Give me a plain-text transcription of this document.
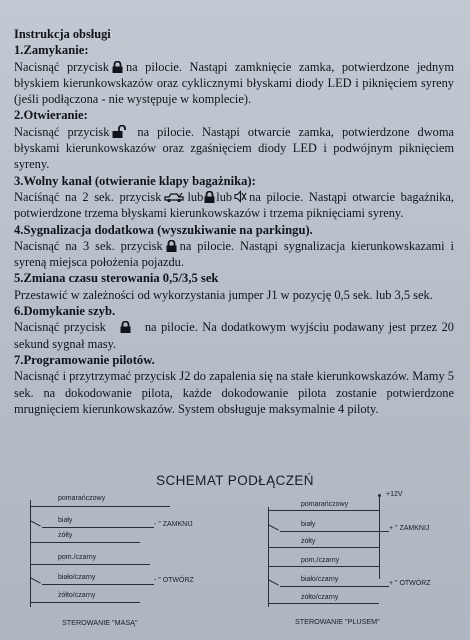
Instrukcja obsługi
1.Zamykanie:

Nacisnąć przycisk na pilocie. Nastąpi zamknięcie zamka, potwierdzone jednym błyskiem kierunkowskazów oraz cyklicznymi błyskami diody LED i piknięciem syreny (jeśli podłączona - nie występuje w komplecie).

2.Otwieranie:

Nacisnąć przycisk na pilocie. Nastąpi otwarcie zamka, potwierdzone dwoma błyskami kierunkowskazów oraz zgaśnięciem diody LED i podwójnym piknięciem syreny.

3.Wolny kanał (otwieranie klapy bagażnika):

Naciśnąć na 2 sek. przycisk lub lub na pilocie. Nastąpi otwarcie bagażnika, potwierdzone trzema błyskami kierunkowskazów i trzema piknięciami syreny.

4.Sygnalizacja dodatkowa (wyszukiwanie na parkingu).

Nacisnąć na 3 sek. przycisk na pilocie. Nastąpi sygnalizacja kierunkowskazami i syreną miejsca położenia pojazdu.

5.Zmiana czasu sterowania 0,5/3,5 sek

Przestawić w zależności od wykorzystania jumper J1 w pozycję 0,5 sek. lub 3,5 sek.

6.Domykanie szyb.

Nacisnąć przycisk	na pilocie. Na dodatkowym wyjściu podawany jest przez 20 sekund sygnał masy.

7.Programowanie pilotów.

Nacisnąć i przytrzymać przycisk J2 do zapalenia się na stałe kierunkowskazów. Mamy 5 sek. na dokodowanie pilota, każde dokodowanie pilota zostanie potwierdzone mrugnięciem kierunkowskazów. System obsługuje maksymalnie 4 piloty.

SCHEMAT PODŁĄCZEŃ
pomarańczowy
biały
- " ZAMKNIJ
żółty
pom./czarny
biało/czarny	- " OTWÓRZ
żółto/czarny
STEROWANIE "MASĄ"
+12V
pomarańczowy
biały
+ " ZAMKNIJ
żółty
pom./czarny
biało/czarny
+ " OTWÓRZ
żółto/czarny
STEROWANIE "PLUSEM"
